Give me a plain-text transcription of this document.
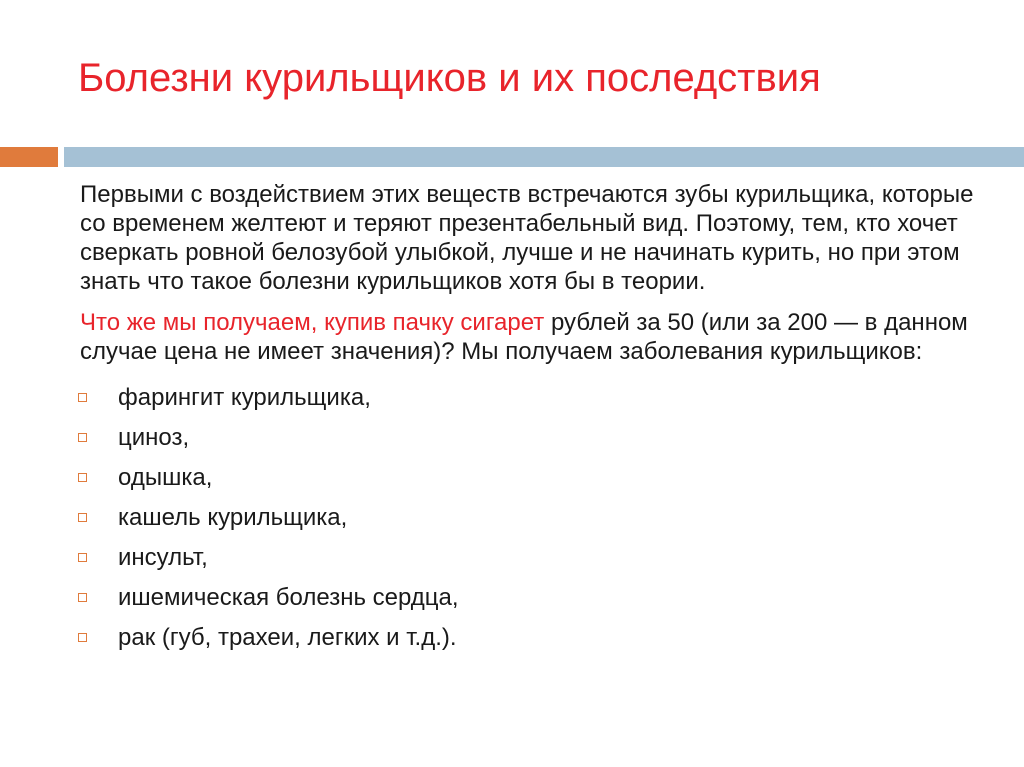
Болезни курильщиков и их последствия

Первыми с воздействием этих веществ встречаются зубы курильщика, которые со временем желтеют и теряют презентабельный вид. Поэтому, тем, кто хочет сверкать ровной белозубой улыбкой, лучше и не начинать курить, но при этом знать что такое болезни курильщиков хотя бы в теории.

Что же мы получаем, купив пачку сигарет рублей за 50 (или за 200 — в данном случае цена не имеет значения)? Мы получаем заболевания курильщиков:

фарингит курильщика,
циноз,
одышка,
кашель курильщика,
инсульт,
ишемическая болезнь сердца,
рак (губ, трахеи, легких и т.д.).
